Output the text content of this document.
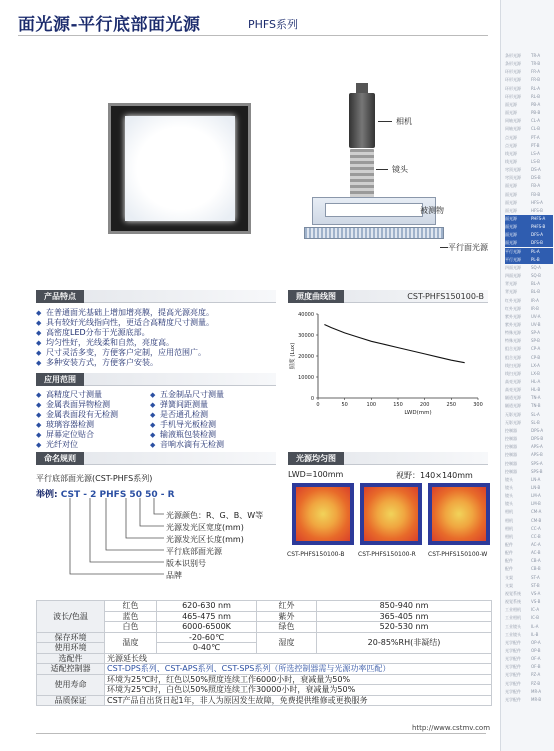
面光源-平行底部面光源	PHFS系列
相机
镜头
被测物
平行面光源
产品特点
◆ 在普通面光基础上增加增亮膜，提高光源亮度。
◆ 具有较好光线指向性，更适合高精度尺寸测量。
◆ 高密度LED分布于光源底部。
◆ 均匀性好，光线柔和自然，亮度高。
◆ 尺寸灵活多变，方便客户定制，应用范围广。
◆ 多种安装方式，方便客户安装。
照度曲线图	CST-PHFS150100-B
0	50	100	150	200	250	300
0
10000
20000
30000
40000
LWD(mm)
照度 (Lux)
应用范围
◆ 高精度尺寸测量
◆ 金属表面异物检测
◆ 金属表面段有无检测
◆ 玻璃容器检测
◆ 屏幕定位贴合
◆ 光纤对位
◆ 五金制品尺寸测量
◆ 弹簧间距测量
◆ 是否通孔检测
◆ 手机导光板检测
◆ 输液瓶包装检测
◆ 音响水滴有无检测
命名规则
平行底部面光源(CST-PHFS系列)
举例: CST - 2 PHFS 50 50 - R
光源颜色：R、G、B、W等
光源发光区宽度(mm)
光源发光区长度(mm)
平行底部面光源
版本识别号
品牌
光源均匀图
LWD=100mm	视野：140×140mm
CST-PHFS150100-B CST-PHFS150100-R CST-PHFS150100-W
波长/色温	红色	620-630 nm	红外	850-940 nm
	蓝色	465-475 nm	紫外	365-405 nm
	白色	6000-6500K	绿色	520-530 nm
保存环境	温度	-20-60℃	湿度	20-85%RH(非凝结)
使用环境		0-40℃		
选配件	光源延长线			
适配控制器	CST-DPS系列、CST-APS系列、CST-SPS系列（所选控制器需与光源功率匹配）			
使用寿命	环境为25℃时，红色以50%照度连续工作6000小时，衰减量为50%			
	环境为25℃时，白色以50%照度连续工作30000小时，衰减量为50%			
品质保证	CST产品自出货日起1年，非人为原因发生故障，免费提供维修或更换服务			
http://www.cstmv.com
条形光源	TR-A
条形光源	TR-B
环形光源	FR-A
环形光源	FR-B
环形光源	RL-A
环形光源	RL-B
面光源	PB-A
面光源	PB-B
同轴光源	CL-A
同轴光源	CL-B
点光源	PT-A
点光源	PT-B
线光源	LS-A
线光源	LS-B
穹顶光源	DS-A
穹顶光源	DS-B
面光源	FB-A
面光源	FB-B
面光源	HFS-A
面光源	HFS-B
面光源	PHFS-A
面光源	PHFS-B
面光源	DFS-A
面光源	DFS-B
平行光源	PL-A
平行光源	PL-B
四面光源	SQ-A
四面光源	SQ-B
背光源	BL-A
背光源	BL-B
红外光源	IR-A
红外光源	IR-B
紫外光源	UV-A
紫外光源	UV-B
特殊光源	SP-A
特殊光源	SP-B
组合光源	CP-A
组合光源	CP-B
线扫光源	LX-A
线扫光源	LX-B
高亮光源	HL-A
高亮光源	HL-B
隧道光源	TN-A
隧道光源	TN-B
无影光源	SL-A
无影光源	SL-B
控制器	DPS-A
控制器	DPS-B
控制器	APS-A
控制器	APS-B
控制器	SPS-A
控制器	SPS-B
镜头	LN-A
镜头	LN-B
镜头	LM-A
镜头	LM-B
相机	CM-A
相机	CM-B
相机	CC-A
相机	CC-B
配件	AC-A
配件	AC-B
配件	CB-A
配件	CB-B
支架	ST-A
支架	ST-B
视觉系统	VS-A
视觉系统	VS-B
工业相机	IC-A
工业相机	IC-B
工业镜头	IL-A
工业镜头	IL-B
光学配件	OP-A
光学配件	OP-B
光学配件	OF-A
光学配件	OF-B
光学配件	PZ-A
光学配件	PZ-B
光学配件	MR-A
光学配件	MR-B
